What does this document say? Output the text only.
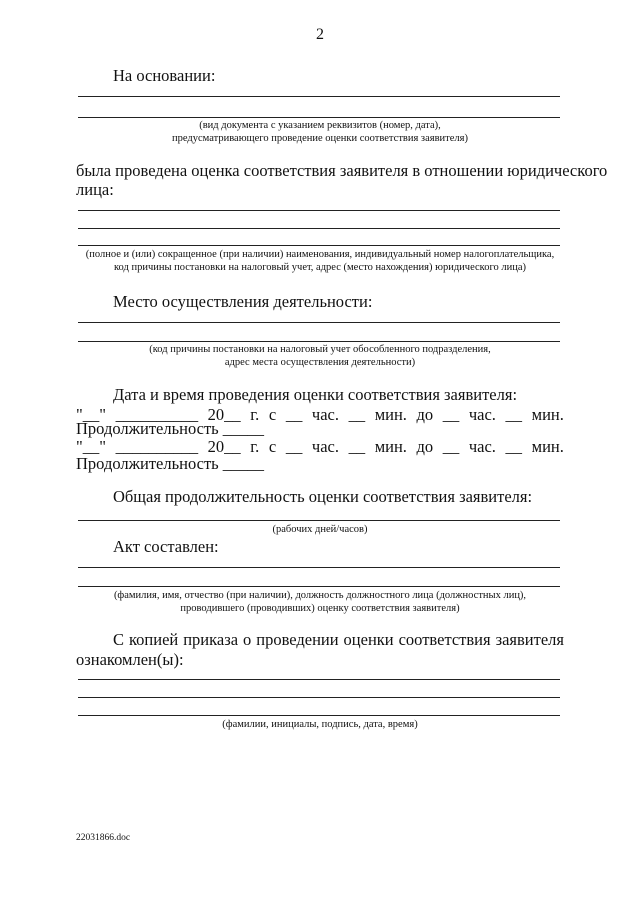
2
На основании:
(вид документа с указанием реквизитов (номер, дата),
предусматривающего проведение оценки соответствия заявителя)
была проведена оценка соответствия заявителя в отношении юридического
лица:
(полное и (или) сокращенное (при наличии) наименования, индивидуальный номер налогоплательщика,
код причины постановки на налоговый учет, адрес (место нахождения) юридического лица)
Место осуществления деятельности:
(код причины постановки на налоговый учет обособленного подразделения,
адрес места осуществления деятельности)
Дата и время проведения оценки соответствия заявителя:
"__" __________ 20__ г. с __ час. __ мин. до __ час. __ мин.
Продолжительность _____
"__" __________ 20__ г. с __ час. __ мин. до __ час. __ мин.
Продолжительность _____
Общая продолжительность оценки соответствия заявителя:
(рабочих дней/часов)
Акт составлен:
(фамилия, имя, отчество (при наличии), должность должностного лица (должностных лиц),
проводившего (проводивших) оценку соответствия заявителя)
С копией приказа о проведении оценки соответствия заявителя
ознакомлен(ы):
(фамилии, инициалы, подпись, дата, время)
22031866.doc
